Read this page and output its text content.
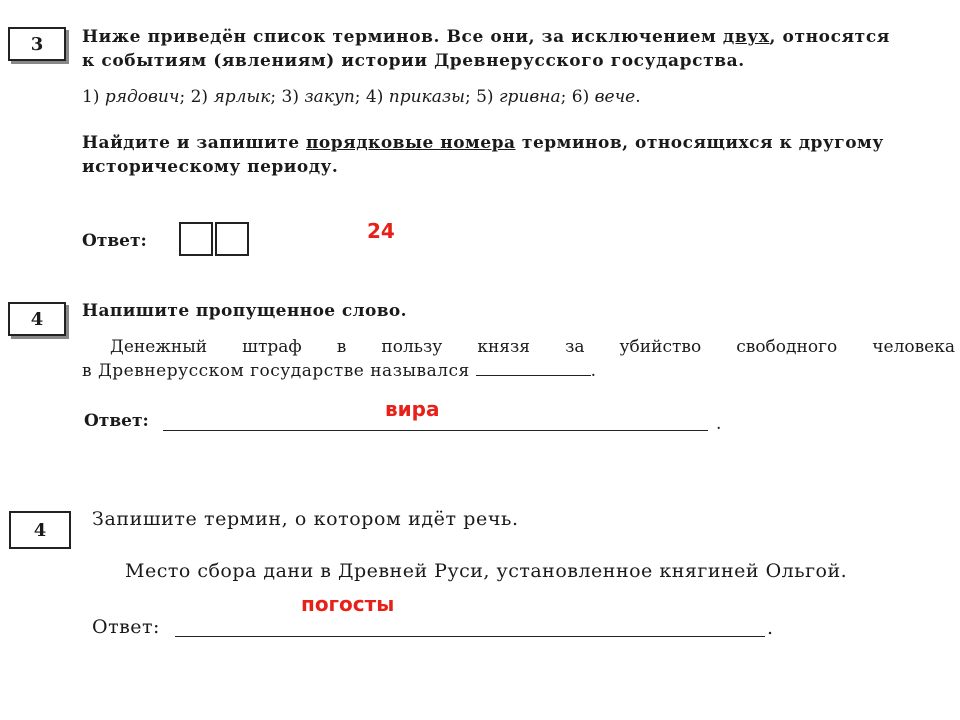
3	Ниже приведён список терминов. Все они, за исключением двух, относятся
к событиям (явлениям) истории Древнерусского государства.
1) рядович; 2) ярлык; 3) закуп; 4) приказы; 5) гривна; 6) вече.
Найдите и запишите порядковые номера терминов, относящихся к другому
историческому периоду.
Ответ:	24
4	Напишите пропущенное слово.
Денежный штраф в пользу князя за убийство свободного человека
в Древнерусском государстве назывался	.
Ответ:	.
вира
4	Запишите термин, о котором идёт речь.
Место сбора дани в Древней Руси, установленное княгиней Ольгой.
Ответ:	.
погосты
